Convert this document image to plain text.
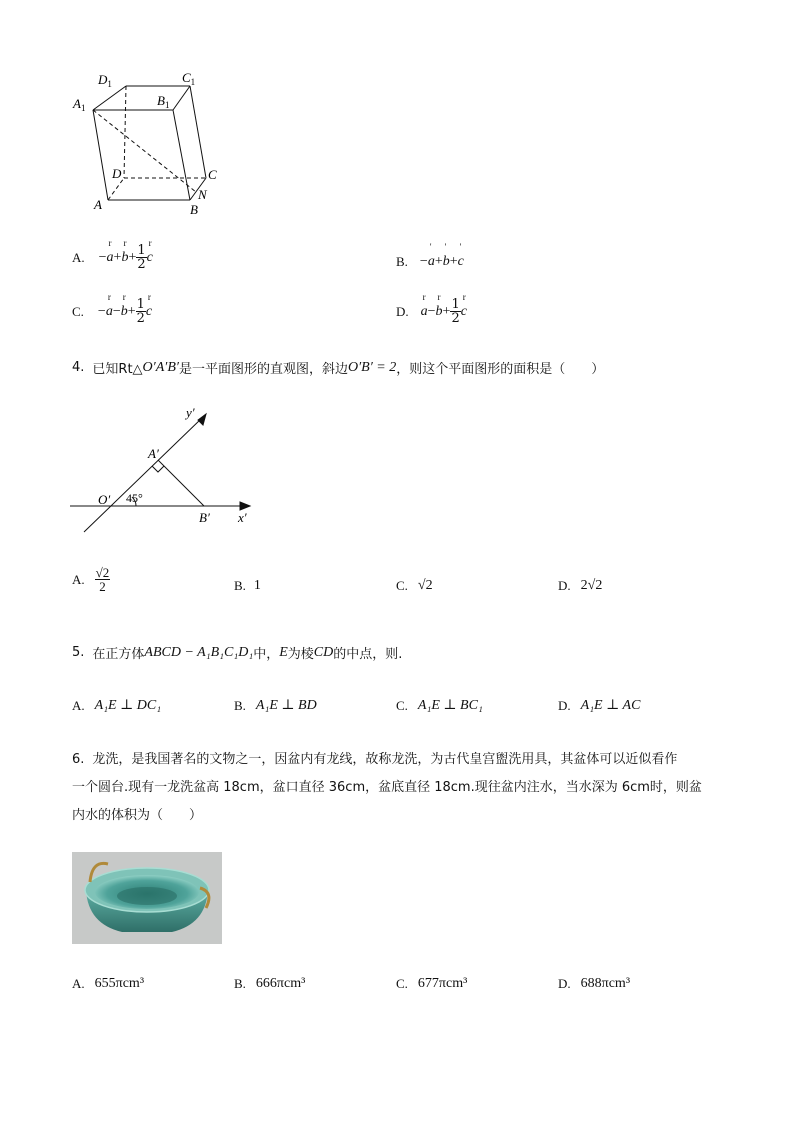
$D_1$	$C_1$
$A_1$	$B_1$
D	C
A	B
N
A. −
r
a +
r
$b + \frac{1}{2}$
r
c	B. −
'
a +
'
b +
'
c
C. −
r
a −
r
$b + \frac{1}{2}$
r
c	D.
r
a −
r
$b + \frac{1}{2}$
r
c
4. 已知Rt△ O′A′B′ 是一平面图形的直观图，斜边 O′B′ = 2 ，则这个平面图形的面积是（　　）
y′
A′
O′ 45°
B′ x′
A. $\frac{√2}{2}$	B. 1	C. √2	D. 2√2
5. 在正方体 ABCD − A₁B₁C₁D₁ 中， E 为棱 CD 的中点，则.
A. A₁E ⊥ DC₁	B. A₁E ⊥ BD	C. A₁E ⊥ BC₁	D. A₁E ⊥ AC
6. 龙洗，是我国著名的文物之一，因盆内有龙线，故称龙洗，为古代皇宫盥洗用具，其盆体可以近似看作
一个圆台.现有一龙洗盆高 18cm，盆口直径 36cm，盆底直径 18cm.现往盆内注水，当水深为 6cm时，则盆
内水的体积为（　　）
A. 655πcm³	B. 666πcm³	C. 677πcm³	D. 688πcm³
